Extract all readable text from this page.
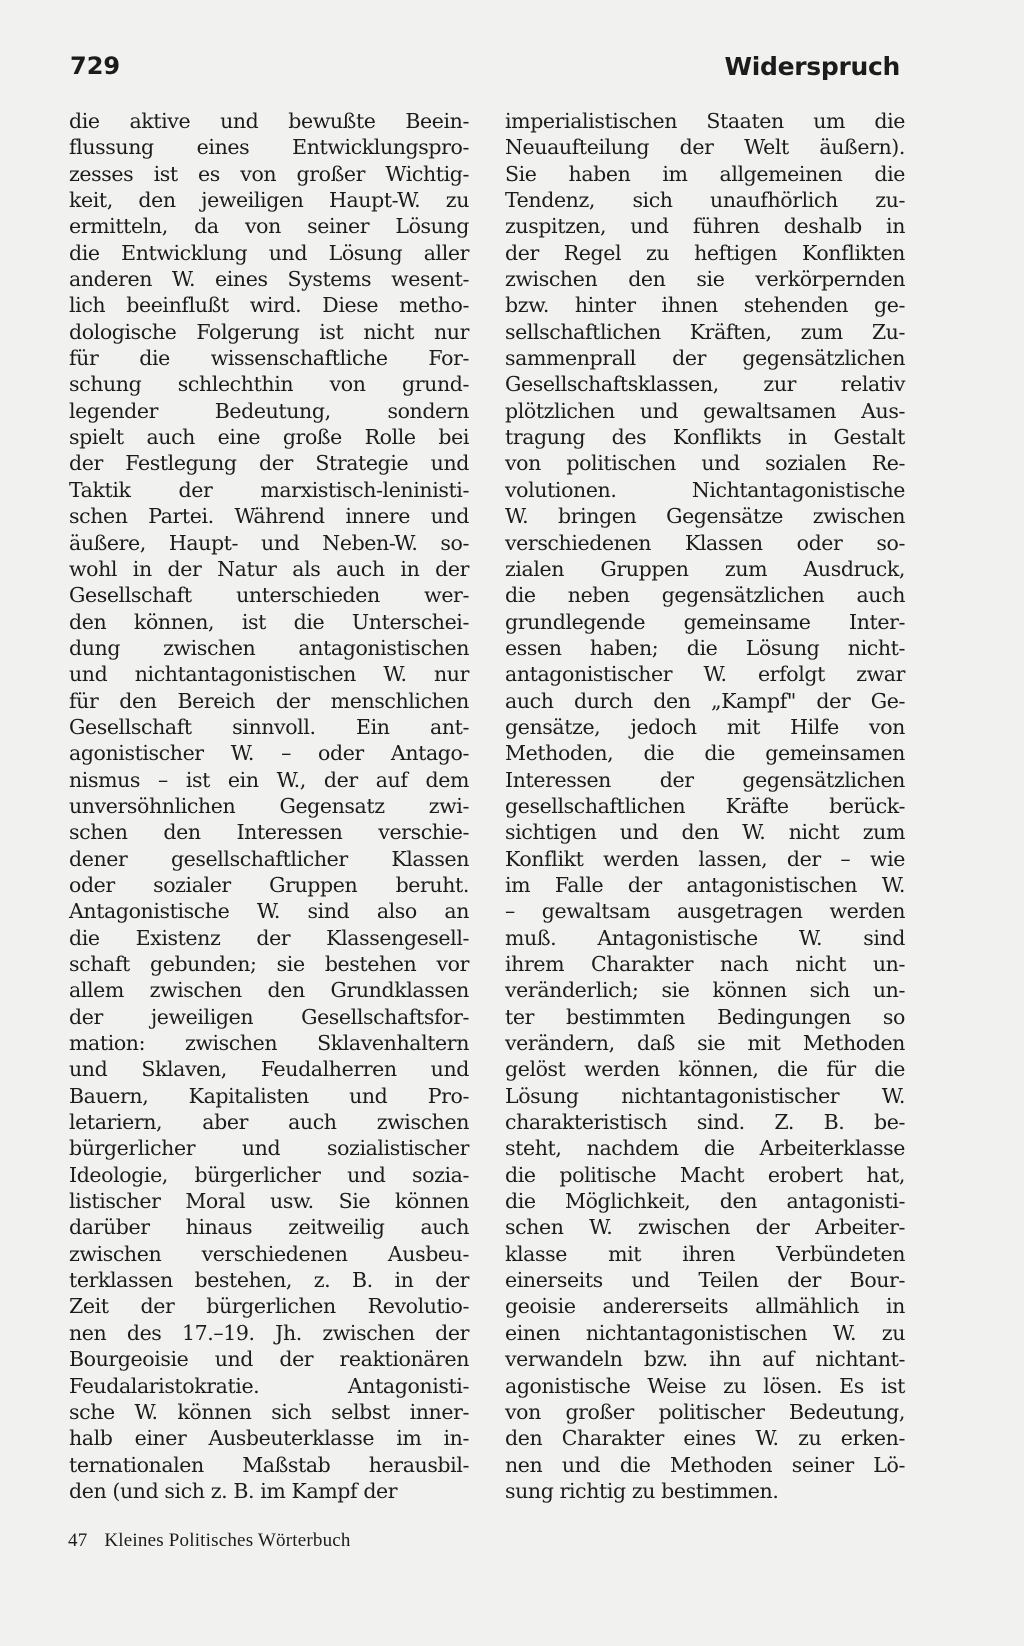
729	Widerspruch
die aktive und bewußte Beein-
flussung eines Entwicklungspro-
zesses ist es von großer Wichtig-
keit, den jeweiligen Haupt-W. zu
ermitteln, da von seiner Lösung
die Entwicklung und Lösung aller
anderen W. eines Systems wesent-
lich beeinflußt wird. Diese metho-
dologische Folgerung ist nicht nur
für die wissenschaftliche For-
schung schlechthin von grund-
legender Bedeutung, sondern
spielt auch eine große Rolle bei
der Festlegung der Strategie und
Taktik der marxistisch-leninisti-
schen Partei. Während innere und
äußere, Haupt- und Neben-W. so-
wohl in der Natur als auch in der
Gesellschaft unterschieden wer-
den können, ist die Unterschei-
dung zwischen antagonistischen
und nichtantagonistischen W. nur
für den Bereich der menschlichen
Gesellschaft sinnvoll. Ein ant-
agonistischer W. – oder Antago-
nismus – ist ein W., der auf dem
unversöhnlichen Gegensatz zwi-
schen den Interessen verschie-
dener gesellschaftlicher Klassen
oder sozialer Gruppen beruht.
Antagonistische W. sind also an
die Existenz der Klassengesell-
schaft gebunden; sie bestehen vor
allem zwischen den Grundklassen
der jeweiligen Gesellschaftsfor-
mation: zwischen Sklavenhaltern
und Sklaven, Feudalherren und
Bauern, Kapitalisten und Pro-
letariern, aber auch zwischen
bürgerlicher und sozialistischer
Ideologie, bürgerlicher und sozia-
listischer Moral usw. Sie können
darüber hinaus zeitweilig auch
zwischen verschiedenen Ausbeu-
terklassen bestehen, z. B. in der
Zeit der bürgerlichen Revolutio-
nen des 17.–19. Jh. zwischen der
Bourgeoisie und der reaktionären
Feudalaristokratie. Antagonisti-
sche W. können sich selbst inner-
halb einer Ausbeuterklasse im in-
ternationalen Maßstab herausbil-
den (und sich z. B. im Kampf der
imperialistischen Staaten um die
Neuaufteilung der Welt äußern).
Sie haben im allgemeinen die
Tendenz, sich unaufhörlich zu-
zuspitzen, und führen deshalb in
der Regel zu heftigen Konflikten
zwischen den sie verkörpernden
bzw. hinter ihnen stehenden ge-
sellschaftlichen Kräften, zum Zu-
sammenprall der gegensätzlichen
Gesellschaftsklassen, zur relativ
plötzlichen und gewaltsamen Aus-
tragung des Konflikts in Gestalt
von politischen und sozialen Re-
volutionen. Nichtantagonistische
W. bringen Gegensätze zwischen
verschiedenen Klassen oder so-
zialen Gruppen zum Ausdruck,
die neben gegensätzlichen auch
grundlegende gemeinsame Inter-
essen haben; die Lösung nicht-
antagonistischer W. erfolgt zwar
auch durch den „Kampf" der Ge-
gensätze, jedoch mit Hilfe von
Methoden, die die gemeinsamen
Interessen der gegensätzlichen
gesellschaftlichen Kräfte berück-
sichtigen und den W. nicht zum
Konflikt werden lassen, der – wie
im Falle der antagonistischen W.
– gewaltsam ausgetragen werden
muß. Antagonistische W. sind
ihrem Charakter nach nicht un-
veränderlich; sie können sich un-
ter bestimmten Bedingungen so
verändern, daß sie mit Methoden
gelöst werden können, die für die
Lösung nichtantagonistischer W.
charakteristisch sind. Z. B. be-
steht, nachdem die Arbeiterklasse
die politische Macht erobert hat,
die Möglichkeit, den antagonisti-
schen W. zwischen der Arbeiter-
klasse mit ihren Verbündeten
einerseits und Teilen der Bour-
geoisie andererseits allmählich in
einen nichtantagonistischen W. zu
verwandeln bzw. ihn auf nichtant-
agonistische Weise zu lösen. Es ist
von großer politischer Bedeutung,
den Charakter eines W. zu erken-
nen und die Methoden seiner Lö-
sung richtig zu bestimmen.
47 Kleines Politisches Wörterbuch
